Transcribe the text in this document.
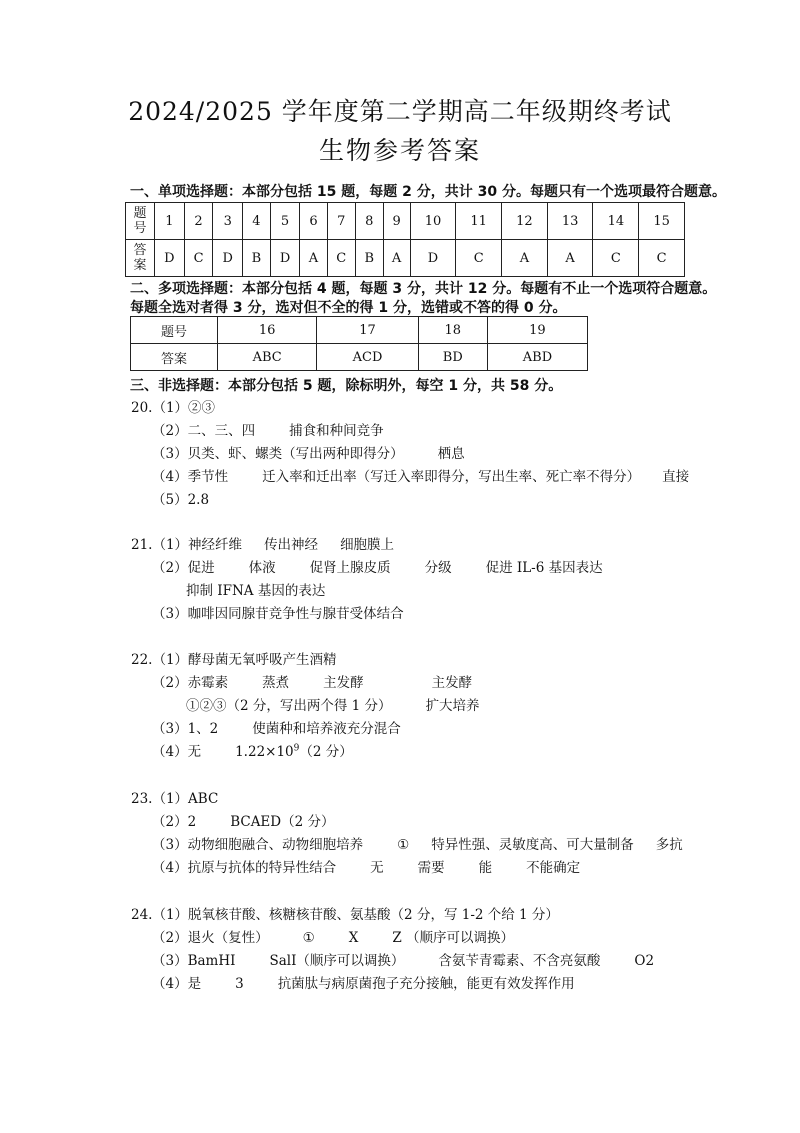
2024/2025 学年度第二学期高二年级期终考试
生物参考答案
一、单项选择题：本部分包括 15 题，每题 2 分，共计 30 分。每题只有一个选项最符合题意。
题
号	1	2	3	4	5	6	7	8	9	10	11	12	13	14	15
答
案	D	C	D	B	D	A	C	B	A	D	C	A	A	C	C
二、多项选择题：本部分包括 4 题，每题 3 分，共计 12 分。每题有不止一个选项符合题意。
每题全选对者得 3 分，选对但不全的得 1 分，选错或不答的得 0 分。
题号	16	17	18	19
答案	ABC	ACD	BD	ABD
三、非选择题：本部分包括 5 题，除标明外，每空 1 分，共 58 分。
20.（1）②③
（2）二、三、四	捕食和种间竞争
（3）贝类、虾、螺类（写出两种即得分）	栖息
（4）季节性	迁入率和迁出率（写迁入率即得分，写出生率、死亡率不得分） 直接
（5）2.8
21.（1）神经纤维 传出神经 细胞膜上
（2）促进	体液	促肾上腺皮质	分级	促进 IL-6 基因表达
抑制 IFNA 基因的表达
（3）咖啡因同腺苷竞争性与腺苷受体结合
22.（1）酵母菌无氧呼吸产生酒精
（2）赤霉素	蒸煮	主发酵	主发酵
①②③（2 分，写出两个得 1 分）	扩大培养
（3）1、2	使菌种和培养液充分混合
（4）无	$1.22\times 10^9(2$ 分）
23.（1）ABC
（2）2	BCAED（2 分）
（3）动物细胞融合、动物细胞培养	① 特异性强、灵敏度高、可大量制备 多抗
（4）抗原与抗体的特异性结合	无	需要	能	不能确定
24.（1）脱氧核苷酸、核糖核苷酸、氨基酸（2 分，写 1-2 个给 1 分）
（2）退火（复性）	①	X	Z （顺序可以调换）
（3）BamHI	SalI（顺序可以调换）	含氨苄青霉素、不含亮氨酸	O2
（4）是	3	抗菌肽与病原菌孢子充分接触，能更有效发挥作用
